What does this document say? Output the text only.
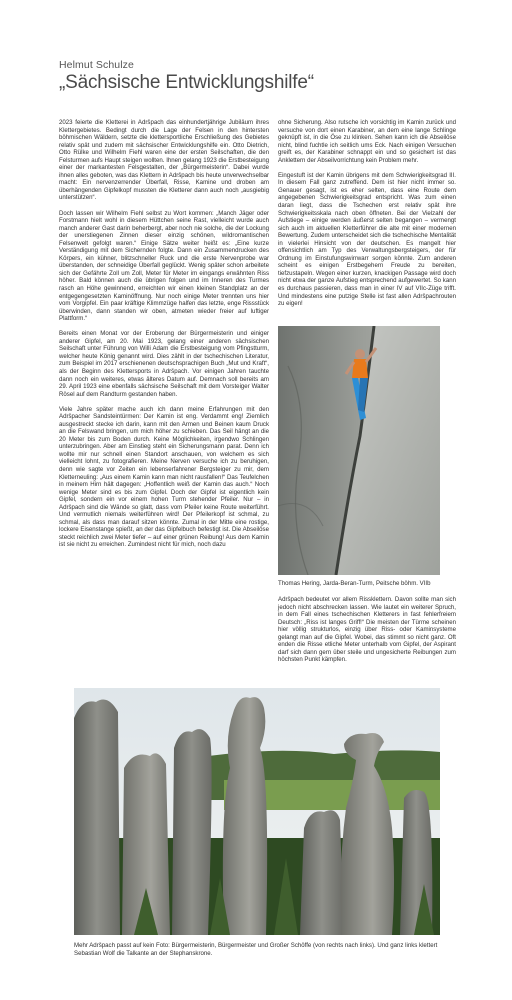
Helmut Schulze
„Sächsische Entwicklungshilfe“

2023 feierte die Kletterei in Adršpach das einhundertjährige Jubiläum ihres Klettergebietes. Bedingt durch die Lage der Felsen in den hintersten böhmischen Wäldern, setzte die klettersportliche Erschließung des Gebietes relativ spät und zudem mit sächsischer Entwicklungshilfe ein. Otto Dietrich, Otto Rülke und Wilhelm Fiehl waren eine der ersten Seilschaften, die den Felsturmen aufs Haupt steigen wollten. Ihnen gelang 1923 die Erstbesteigung einer der markantesten Felsgestalten, der „Bürgermeisterin“. Dabei wurde ihnen alles geboten, was das Klettern in Adršpach bis heute unverwechselbar macht: Ein nervenzerrender Überfall, Risse, Kamine und droben am überhängenden Gipfelkopf mussten die Kletterer dann auch noch „ausgiebig unterstützen“.

Doch lassen wir Wilhelm Fiehl selbst zu Wort kommen: „Manch Jäger oder Forstmann hielt wohl in diesem Hüttchen seine Rast, vielleicht wurde auch manch anderer Gast darin beherbergt, aber noch nie solche, die der Lockung der unerstiegenen Zinnen dieser einzig schönen, wildromantischen Felsenwelt gefolgt waren.“ Einige Sätze weiter heißt es: „Eine kurze Verständigung mit dem Sichernden folgte. Dann ein Zusammendrucken des Körpers, ein kühner, blitzschneller Ruck und die erste Nervenprobe war überstanden, der schneidige Überfall geglückt. Wenig später schon arbeitete sich der Gefährte Zoll um Zoll, Meter für Meter im eingangs erwähnten Riss höher. Bald können auch die übrigen folgen und im Inneren des Turmes rasch an Höhe gewinnend, erreichten wir einen kleinen Standplatz an der entgegengesetzten Kaminöffnung. Nur noch einige Meter trennten uns hier vom Vorgipfel. Ein paar kräftige Klimmzüge halfen das letzte, enge Rissstück überwinden, dann standen wir oben, atmeten wieder freier auf luftiger Plattform.“

Bereits einen Monat vor der Eroberung der Bürgermeisterin und einiger anderer Gipfel, am 20. Mai 1923, gelang einer anderen sächsischen Seilschaft unter Führung von Willi Adam die Erstbesteigung vom Pfingstturm, welcher heute König genannt wird. Dies zählt in der tschechischen Literatur, zum Beispiel im 2017 erschienenen deutschsprachigen Buch „Mut und Kraft“, als der Beginn des Klettersports in Adršpach. Vor einigen Jahren tauchte dann noch ein weiteres, etwas älteres Datum auf. Demnach soll bereits am 29. April 1923 eine ebenfalls sächsische Seilschaft mit dem Vorsteiger Walter Rösel auf dem Randturm gestanden haben.

Viele Jahre später mache auch ich dann meine Erfahrungen mit den Adršpacher Sandsteintürmen: Der Kamin ist eng. Verdammt eng! Ziemlich ausgestreckt stecke ich darin, kann mit den Armen und Beinen kaum Druck an die Felswand bringen, um mich höher zu schieben. Das Seil hängt an die 20 Meter bis zum Boden durch. Keine Möglichkeiten, irgendwo Schlingen unterzubringen. Aber am Einstieg steht ein Sicherungsmann parat. Denn ich wollte mir nur schnell einen Standort anschauen, von welchem es sich vielleicht lohnt, zu fotografieren. Meine Nerven versuche ich zu beruhigen, denn wie sagte vor Zeiten ein lebenserfahrener Bergsteiger zu mir, dem Kletterneuling: „Aus einem Kamin kann man nicht rausfallen!“ Das Teufelchen in meinem Hirn hält dagegen: „Hoffentlich weiß der Kamin das auch.“ Noch wenige Meter sind es bis zum Gipfel. Doch der Gipfel ist eigentlich kein Gipfel, sondern ein vor einem hohen Turm stehender Pfeiler. Nur – in Adršpach sind die Wände so glatt, dass vom Pfeiler keine Route weiterführt. Und vermutlich niemals weiterführen wird! Der Pfeilerkopf ist schmal, zu schmal, als dass man darauf sitzen könnte. Zumal in der Mitte eine rostige, lockere Eisenstange spießt, an der das Gipfelbuch befestigt ist. Die Abseilöse steckt reichlich zwei Meter tiefer – auf einer grünen Reibung! Aus dem Kamin ist sie nicht zu erreichen. Zumindest nicht für mich, noch dazu

ohne Sicherung. Also rutsche ich vorsichtig im Kamin zurück und versuche von dort einen Karabiner, an dem eine lange Schlinge geknüpft ist, in die Öse zu klinken. Sehen kann ich die Abseilöse nicht, blind fuchtle ich seitlich ums Eck. Nach einigen Versuchen greift es, der Karabiner schnappt ein und so gesichert ist das Anklettern der Abseilvorrichtung kein Problem mehr.

Eingestuft ist der Kamin übrigens mit dem Schwierigkeitsgrad III. In diesem Fall ganz zutreffend. Dem ist hier nicht immer so. Genauer gesagt, ist es eher selten, dass eine Route dem angegebenen Schwierigkeitsgrad entspricht. Was zum einen daran liegt, dass die Tschechen erst relativ spät ihre Schwierigkeitsskala nach oben öffneten. Bei der Vielzahl der Aufstiege – einige werden äußerst selten begangen – vermengt sich auch im aktuellen Kletterführer die alte mit einer modernen Bewertung. Zudem unterscheidet sich die tschechische Mentalität in vielerlei Hinsicht von der deutschen. Es mangelt hier offensichtlich am Typ des Verwaltungsbergsteigers, der für Ordnung im Einstufungswirrwarr sorgen könnte. Zum anderen scheint es einigen Erstbegehern Freude zu bereiten, tiefzustapeln. Wegen einer kurzen, knackigen Passage wird doch nicht etwa der ganze Aufstieg entsprechend aufgewertet. So kann es durchaus passieren, dass man in einer IV auf VIIc-Züge trifft. Und mindestens eine putzige Stelle ist fast allen Adršpachrouten zu eigen!

Thomas Hering, Jarda-Beran-Turm, Peitsche böhm. VIIb

Adršpach bedeutet vor allem Rissklettern. Davon sollte man sich jedoch nicht abschrecken lassen. Wie lautet ein weiterer Spruch, in dem Fall eines tschechischen Kletterers in fast fehlerfreiem Deutsch: „Riss ist langes Griff!“ Die meisten der Türme scheinen hier völlig strukturlos, einzig über Riss- oder Kaminsysteme gelangt man auf die Gipfel. Wobei, das stimmt so nicht ganz. Oft enden die Risse etliche Meter unterhalb vom Gipfel, der Aspirant darf sich dann gern über steile und ungesicherte Reibungen zum höchsten Punkt kämpfen.

Mehr Adršpach passt auf kein Foto: Bürgermeisterin, Bürgermeister und Großer Schöffe (von rechts nach links). Und ganz links klettert Sebastian Wolf die Talkante an der Stephanskrone.
